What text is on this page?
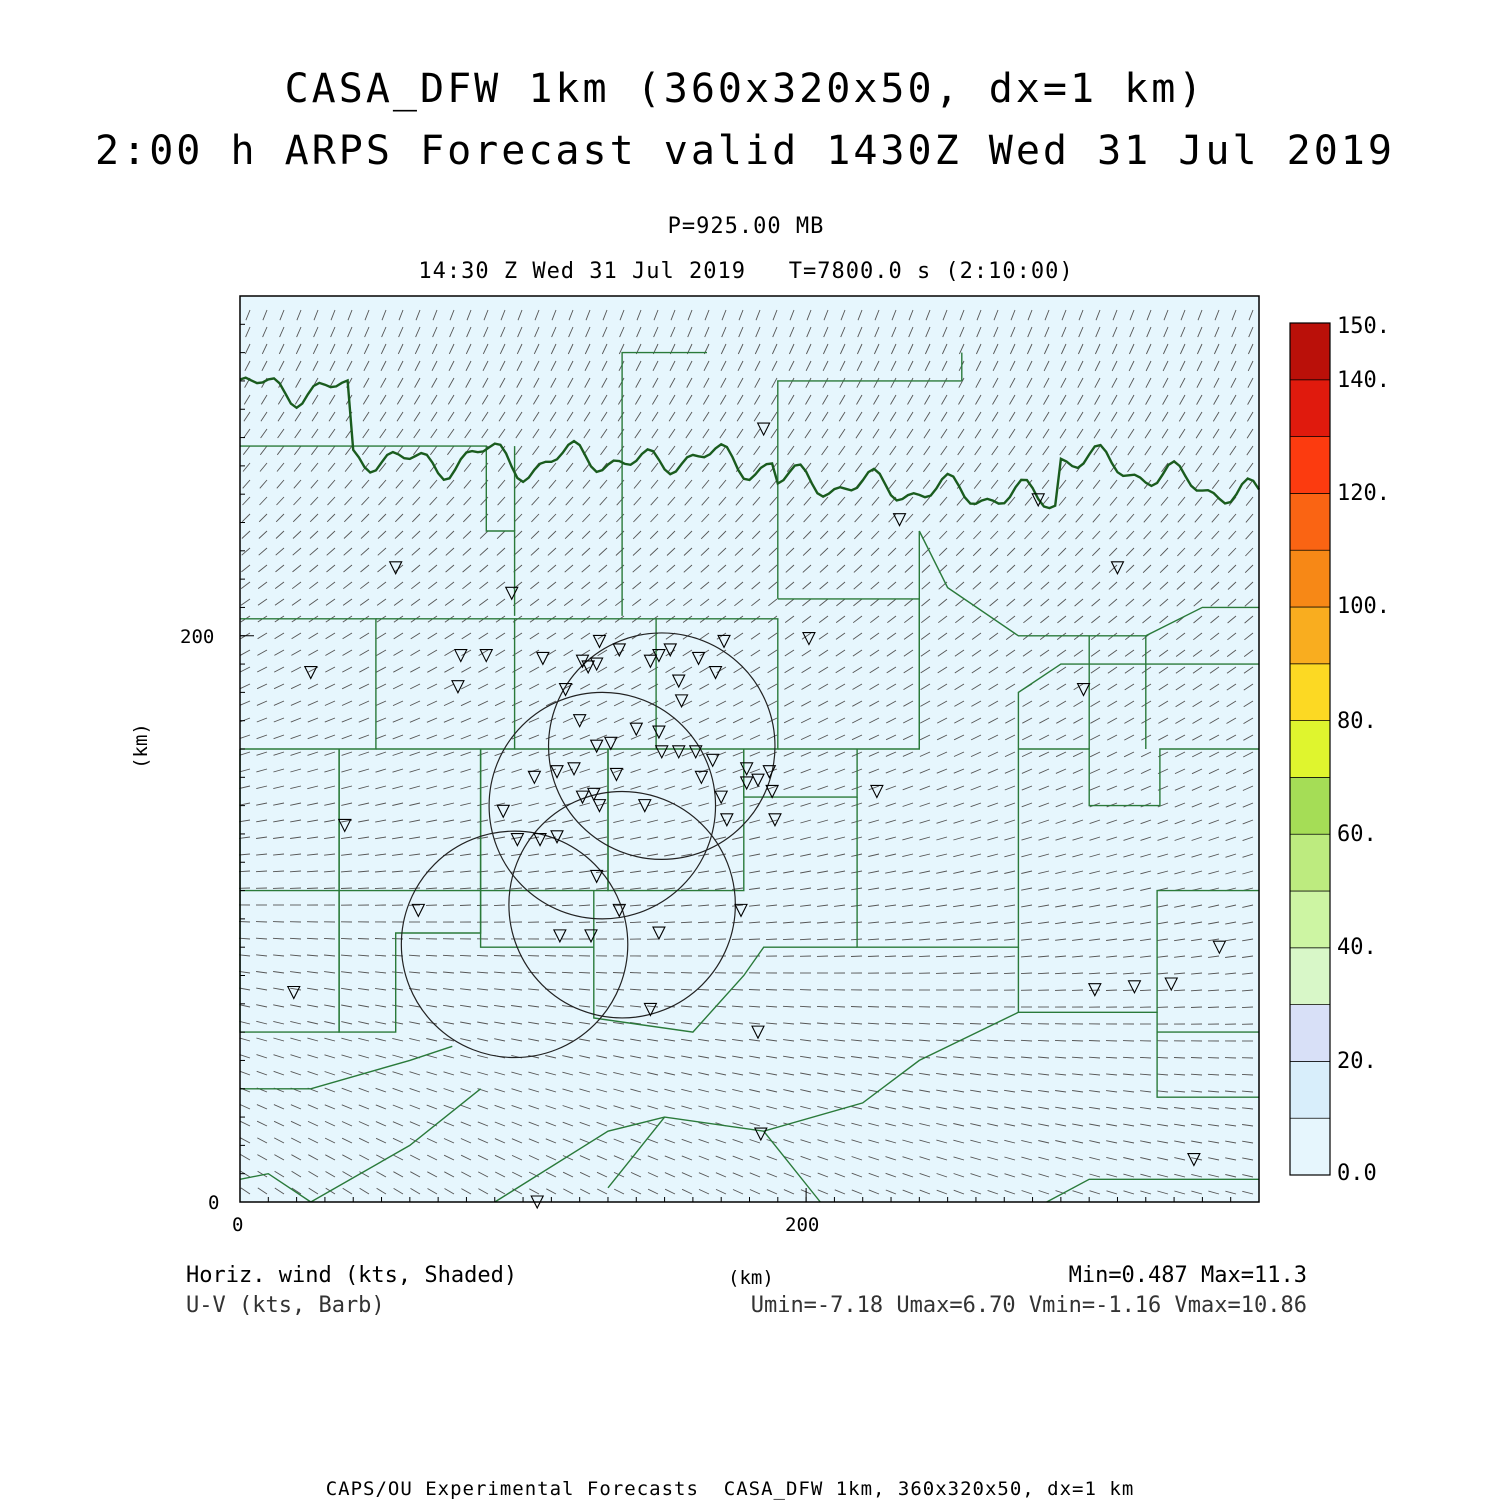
CASA_DFW 1km (360x320x50, dx=1 km)
2:00 h ARPS Forecast valid 1430Z Wed 31 Jul 2019
P=925.00 MB
14:30 Z Wed 31 Jul 2019   T=7800.0 s (2:10:00)
200
0
0	200
(km)
(km)
0.0
20.
40.
60.
80.
100.
120.
140.
150.
Horiz. wind (kts, Shaded)
U-V (kts, Barb)
Min=0.487 Max=11.3
Umin=-7.18 Umax=6.70 Vmin=-1.16 Vmax=10.86
CAPS/OU Experimental Forecasts  CASA_DFW 1km, 360x320x50, dx=1 km
